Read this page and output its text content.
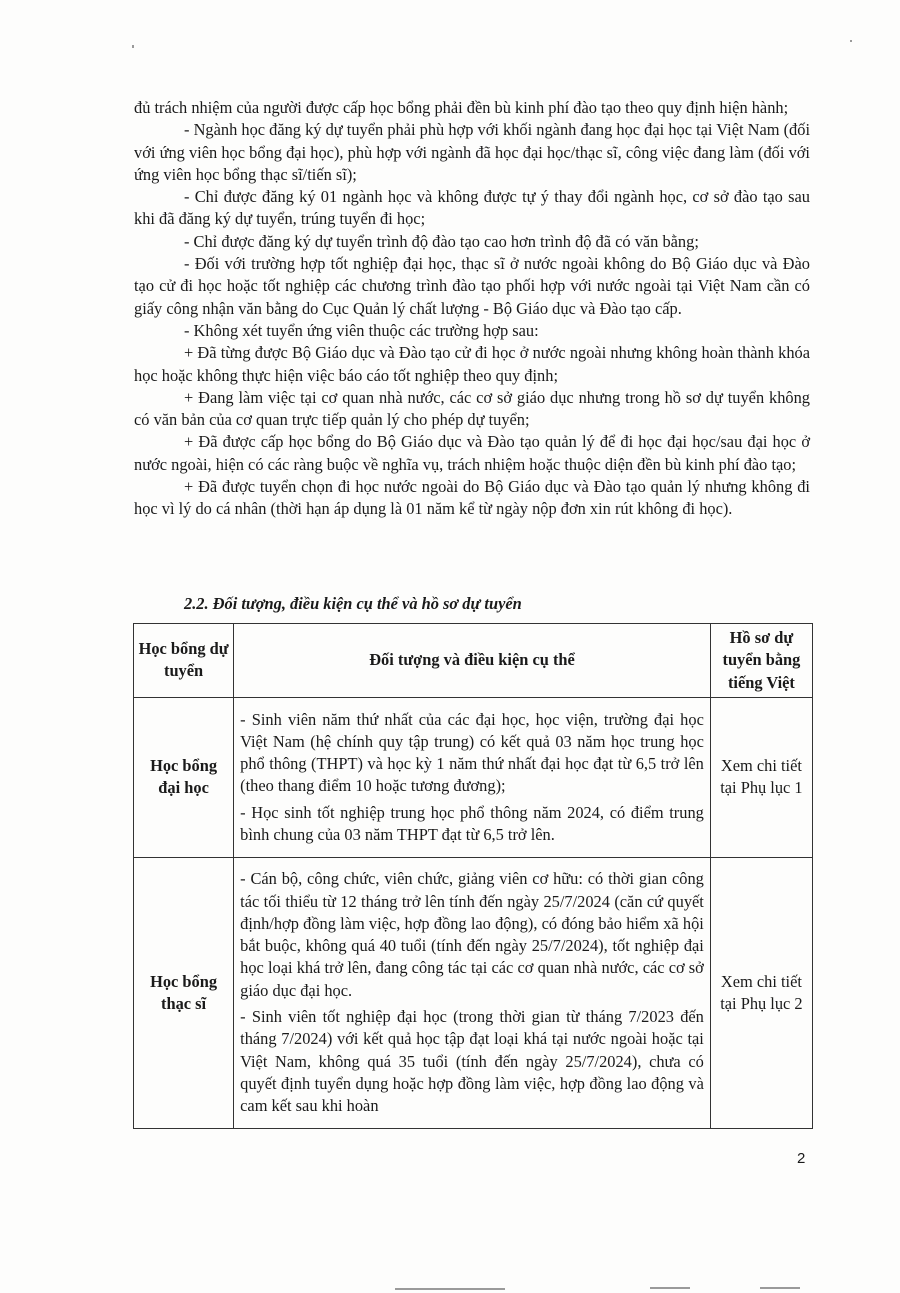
đủ trách nhiệm của người được cấp học bổng phải đền bù kinh phí đào tạo theo quy định hiện hành;

- Ngành học đăng ký dự tuyển phải phù hợp với khối ngành đang học đại học tại Việt Nam (đối với ứng viên học bổng đại học), phù hợp với ngành đã học đại học/thạc sĩ, công việc đang làm (đối với ứng viên học bổng thạc sĩ/tiến sĩ);

- Chỉ được đăng ký 01 ngành học và không được tự ý thay đổi ngành học, cơ sở đào tạo sau khi đã đăng ký dự tuyển, trúng tuyển đi học;

- Chỉ được đăng ký dự tuyển trình độ đào tạo cao hơn trình độ đã có văn bằng;

- Đối với trường hợp tốt nghiệp đại học, thạc sĩ ở nước ngoài không do Bộ Giáo dục và Đào tạo cử đi học hoặc tốt nghiệp các chương trình đào tạo phối hợp với nước ngoài tại Việt Nam cần có giấy công nhận văn bằng do Cục Quản lý chất lượng - Bộ Giáo dục và Đào tạo cấp.

- Không xét tuyển ứng viên thuộc các trường hợp sau:

+ Đã từng được Bộ Giáo dục và Đào tạo cử đi học ở nước ngoài nhưng không hoàn thành khóa học hoặc không thực hiện việc báo cáo tốt nghiệp theo quy định;

+ Đang làm việc tại cơ quan nhà nước, các cơ sở giáo dục nhưng trong hồ sơ dự tuyển không có văn bản của cơ quan trực tiếp quản lý cho phép dự tuyển;

+ Đã được cấp học bổng do Bộ Giáo dục và Đào tạo quản lý để đi học đại học/sau đại học ở nước ngoài, hiện có các ràng buộc về nghĩa vụ, trách nhiệm hoặc thuộc diện đền bù kinh phí đào tạo;

+ Đã được tuyển chọn đi học nước ngoài do Bộ Giáo dục và Đào tạo quản lý nhưng không đi học vì lý do cá nhân (thời hạn áp dụng là 01 năm kể từ ngày nộp đơn xin rút không đi học).

2.2. Đối tượng, điều kiện cụ thể và hồ sơ dự tuyển

Học bổng dự tuyển	Đối tượng và điều kiện cụ thể	Hồ sơ dự tuyển bằng tiếng Việt
Học bổng đại học	- Sinh viên năm thứ nhất của các đại học, học viện, trường đại học Việt Nam (hệ chính quy tập trung) có kết quả 03 năm học trung học phổ thông (THPT) và học kỳ 1 năm thứ nhất đại học đạt từ 6,5 trở lên (theo thang điểm 10 hoặc tương đương);

- Học sinh tốt nghiệp trung học phổ thông năm 2024, có điểm trung bình chung của 03 năm THPT đạt từ 6,5 trở lên.	Xem chi tiết tại Phụ lục 1
Học bổng thạc sĩ	- Cán bộ, công chức, viên chức, giảng viên cơ hữu: có thời gian công tác tối thiểu từ 12 tháng trở lên tính đến ngày 25/7/2024 (căn cứ quyết định/hợp đồng làm việc, hợp đồng lao động), có đóng bảo hiểm xã hội bắt buộc, không quá 40 tuổi (tính đến ngày 25/7/2024), tốt nghiệp đại học loại khá trở lên, đang công tác tại các cơ quan nhà nước, các cơ sở giáo dục đại học.

- Sinh viên tốt nghiệp đại học (trong thời gian từ tháng 7/2023 đến tháng 7/2024) với kết quả học tập đạt loại khá tại nước ngoài hoặc tại Việt Nam, không quá 35 tuổi (tính đến ngày 25/7/2024), chưa có quyết định tuyển dụng hoặc hợp đồng làm việc, hợp đồng lao động và cam kết sau khi hoàn	Xem chi tiết tại Phụ lục 2
2
